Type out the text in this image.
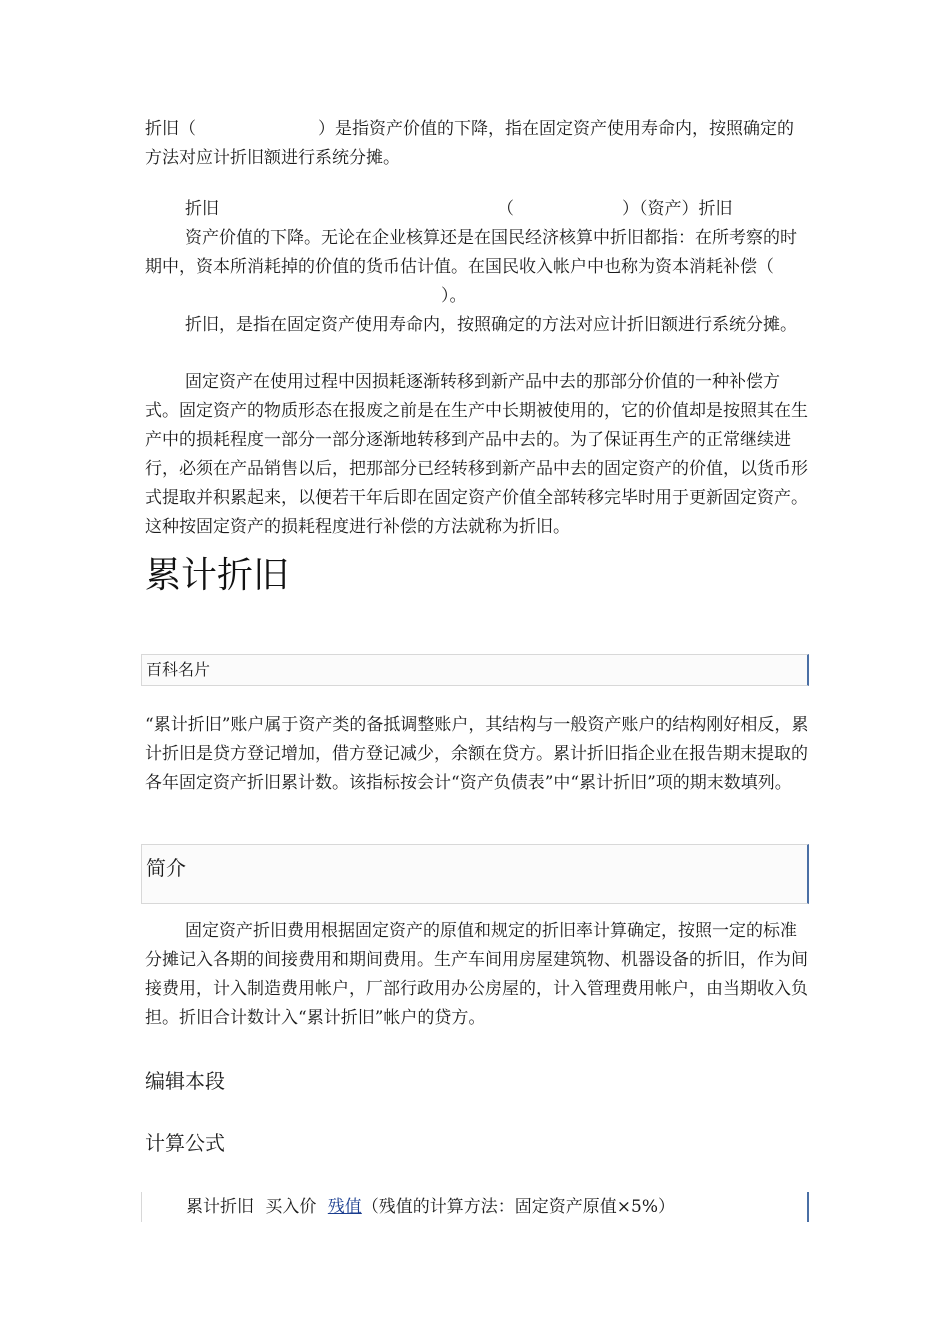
折旧（	）是指资产价值的下降，指在固定资产使用寿命内，按照确定的方法对应计折旧额进行系统分摊。
折旧	（	）（资产）折旧
资产价值的下降。无论在企业核算还是在国民经济核算中折旧都指：在所考察的时期中，资本所消耗掉的价值的货币估计值。在国民收入帐户中也称为资本消耗补偿（）。
折旧，是指在固定资产使用寿命内，按照确定的方法对应计折旧额进行系统分摊。
固定资产在使用过程中因损耗逐渐转移到新产品中去的那部分价值的一种补偿方式。固定资产的物质形态在报废之前是在生产中长期被使用的，它的价值却是按照其在生产中的损耗程度一部分一部分逐渐地转移到产品中去的。为了保证再生产的正常继续进行，必须在产品销售以后，把那部分已经转移到新产品中去的固定资产的价值，以货币形式提取并积累起来，以便若干年后即在固定资产价值全部转移完毕时用于更新固定资产。这种按固定资产的损耗程度进行补偿的方法就称为折旧。
累计折旧
百科名片
“累计折旧”账户属于资产类的备抵调整账户，其结构与一般资产账户的结构刚好相反，累计折旧是贷方登记增加，借方登记减少，余额在贷方。累计折旧指企业在报告期末提取的各年固定资产折旧累计数。该指标按会计“资产负债表”中“累计折旧”项的期末数填列。
简介
固定资产折旧费用根据固定资产的原值和规定的折旧率计算确定，按照一定的标准分摊记入各期的间接费用和期间费用。生产车间用房屋建筑物、机器设备的折旧，作为间接费用，计入制造费用帐户，厂部行政用办公房屋的，计入管理费用帐户，由当期收入负担。折旧合计数计入“累计折旧”帐户的贷方。
编辑本段
计算公式
累计折旧 买入价 残值（残值的计算方法：固定资产原值×5%）
